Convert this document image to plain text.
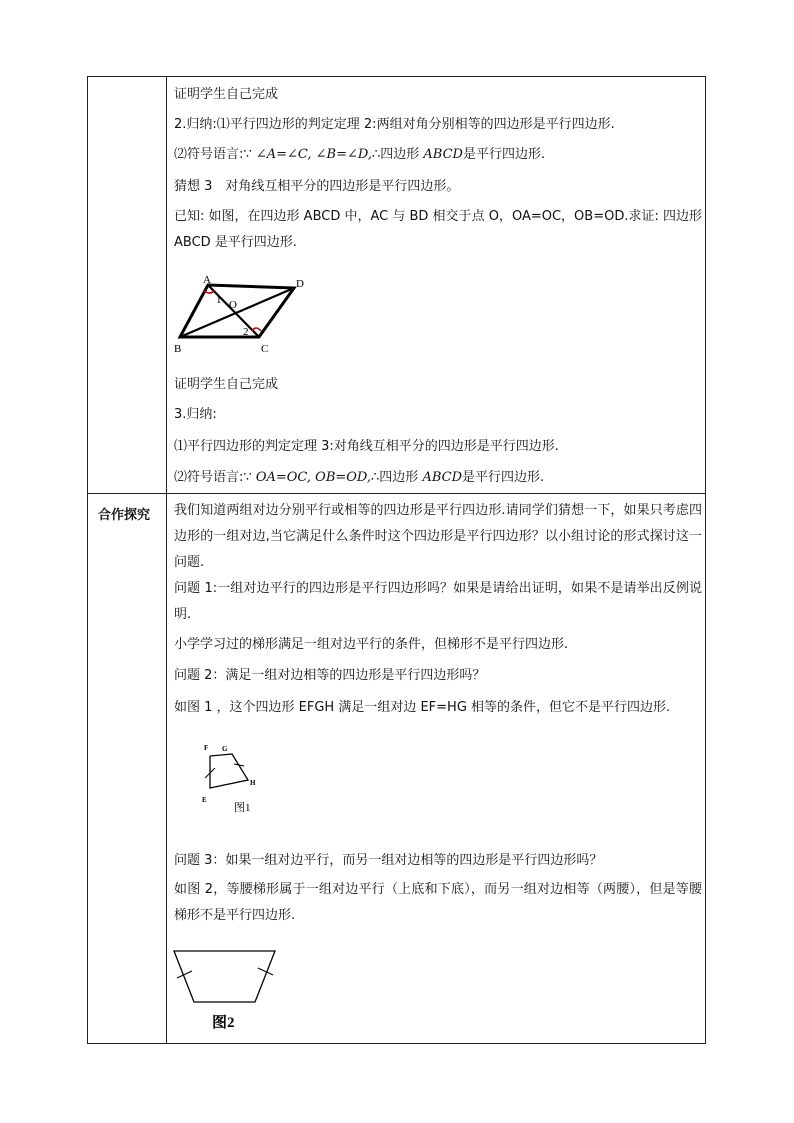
证明学生自己完成
2.归纳:⑴平行四边形的判定定理 2:两组对角分别相等的四边形是平行四边形.
⑵符号语言:∵ ∠A=∠C, ∠B=∠D,∴四边形 ABCD是平行四边形.
猜想 3　对角线互相平分的四边形是平行四边形。
已知: 如图，在四边形 ABCD 中，AC 与 BD 相交于点 O，OA=OC，OB=OD.求证: 四边形 ABCD 是平行四边形.
A	D
B	C
O
1
2
证明学生自己完成
3.归纳:
⑴平行四边形的判定定理 3:对角线互相平分的四边形是平行四边形.
⑵符号语言:∵ OA=OC, OB=OD,∴四边形 ABCD是平行四边形.
合作探究 我们知道两组对边分别平行或相等的四边形是平行四边形.请同学们猜想一下，如果只考虑四边形的一组对边,当它满足什么条件时这个四边形是平行四边形？以小组讨论的形式探讨这一问题.
问题 1:一组对边平行的四边形是平行四边形吗？如果是请给出证明，如果不是请举出反例说明.
小学学习过的梯形满足一组对边平行的条件，但梯形不是平行四边形.
问题 2：满足一组对边相等的四边形是平行四边形吗？
如图 1 ，这个四边形 EFGH 满足一组对边 EF=HG 相等的条件，但它不是平行四边形.
F G
H
E
图1
问题 3：如果一组对边平行，而另一组对边相等的四边形是平行四边形吗？
如图 2，等腰梯形属于一组对边平行（上底和下底），而另一组对边相等（两腰），但是等腰梯形不是平行四边形.
图2
